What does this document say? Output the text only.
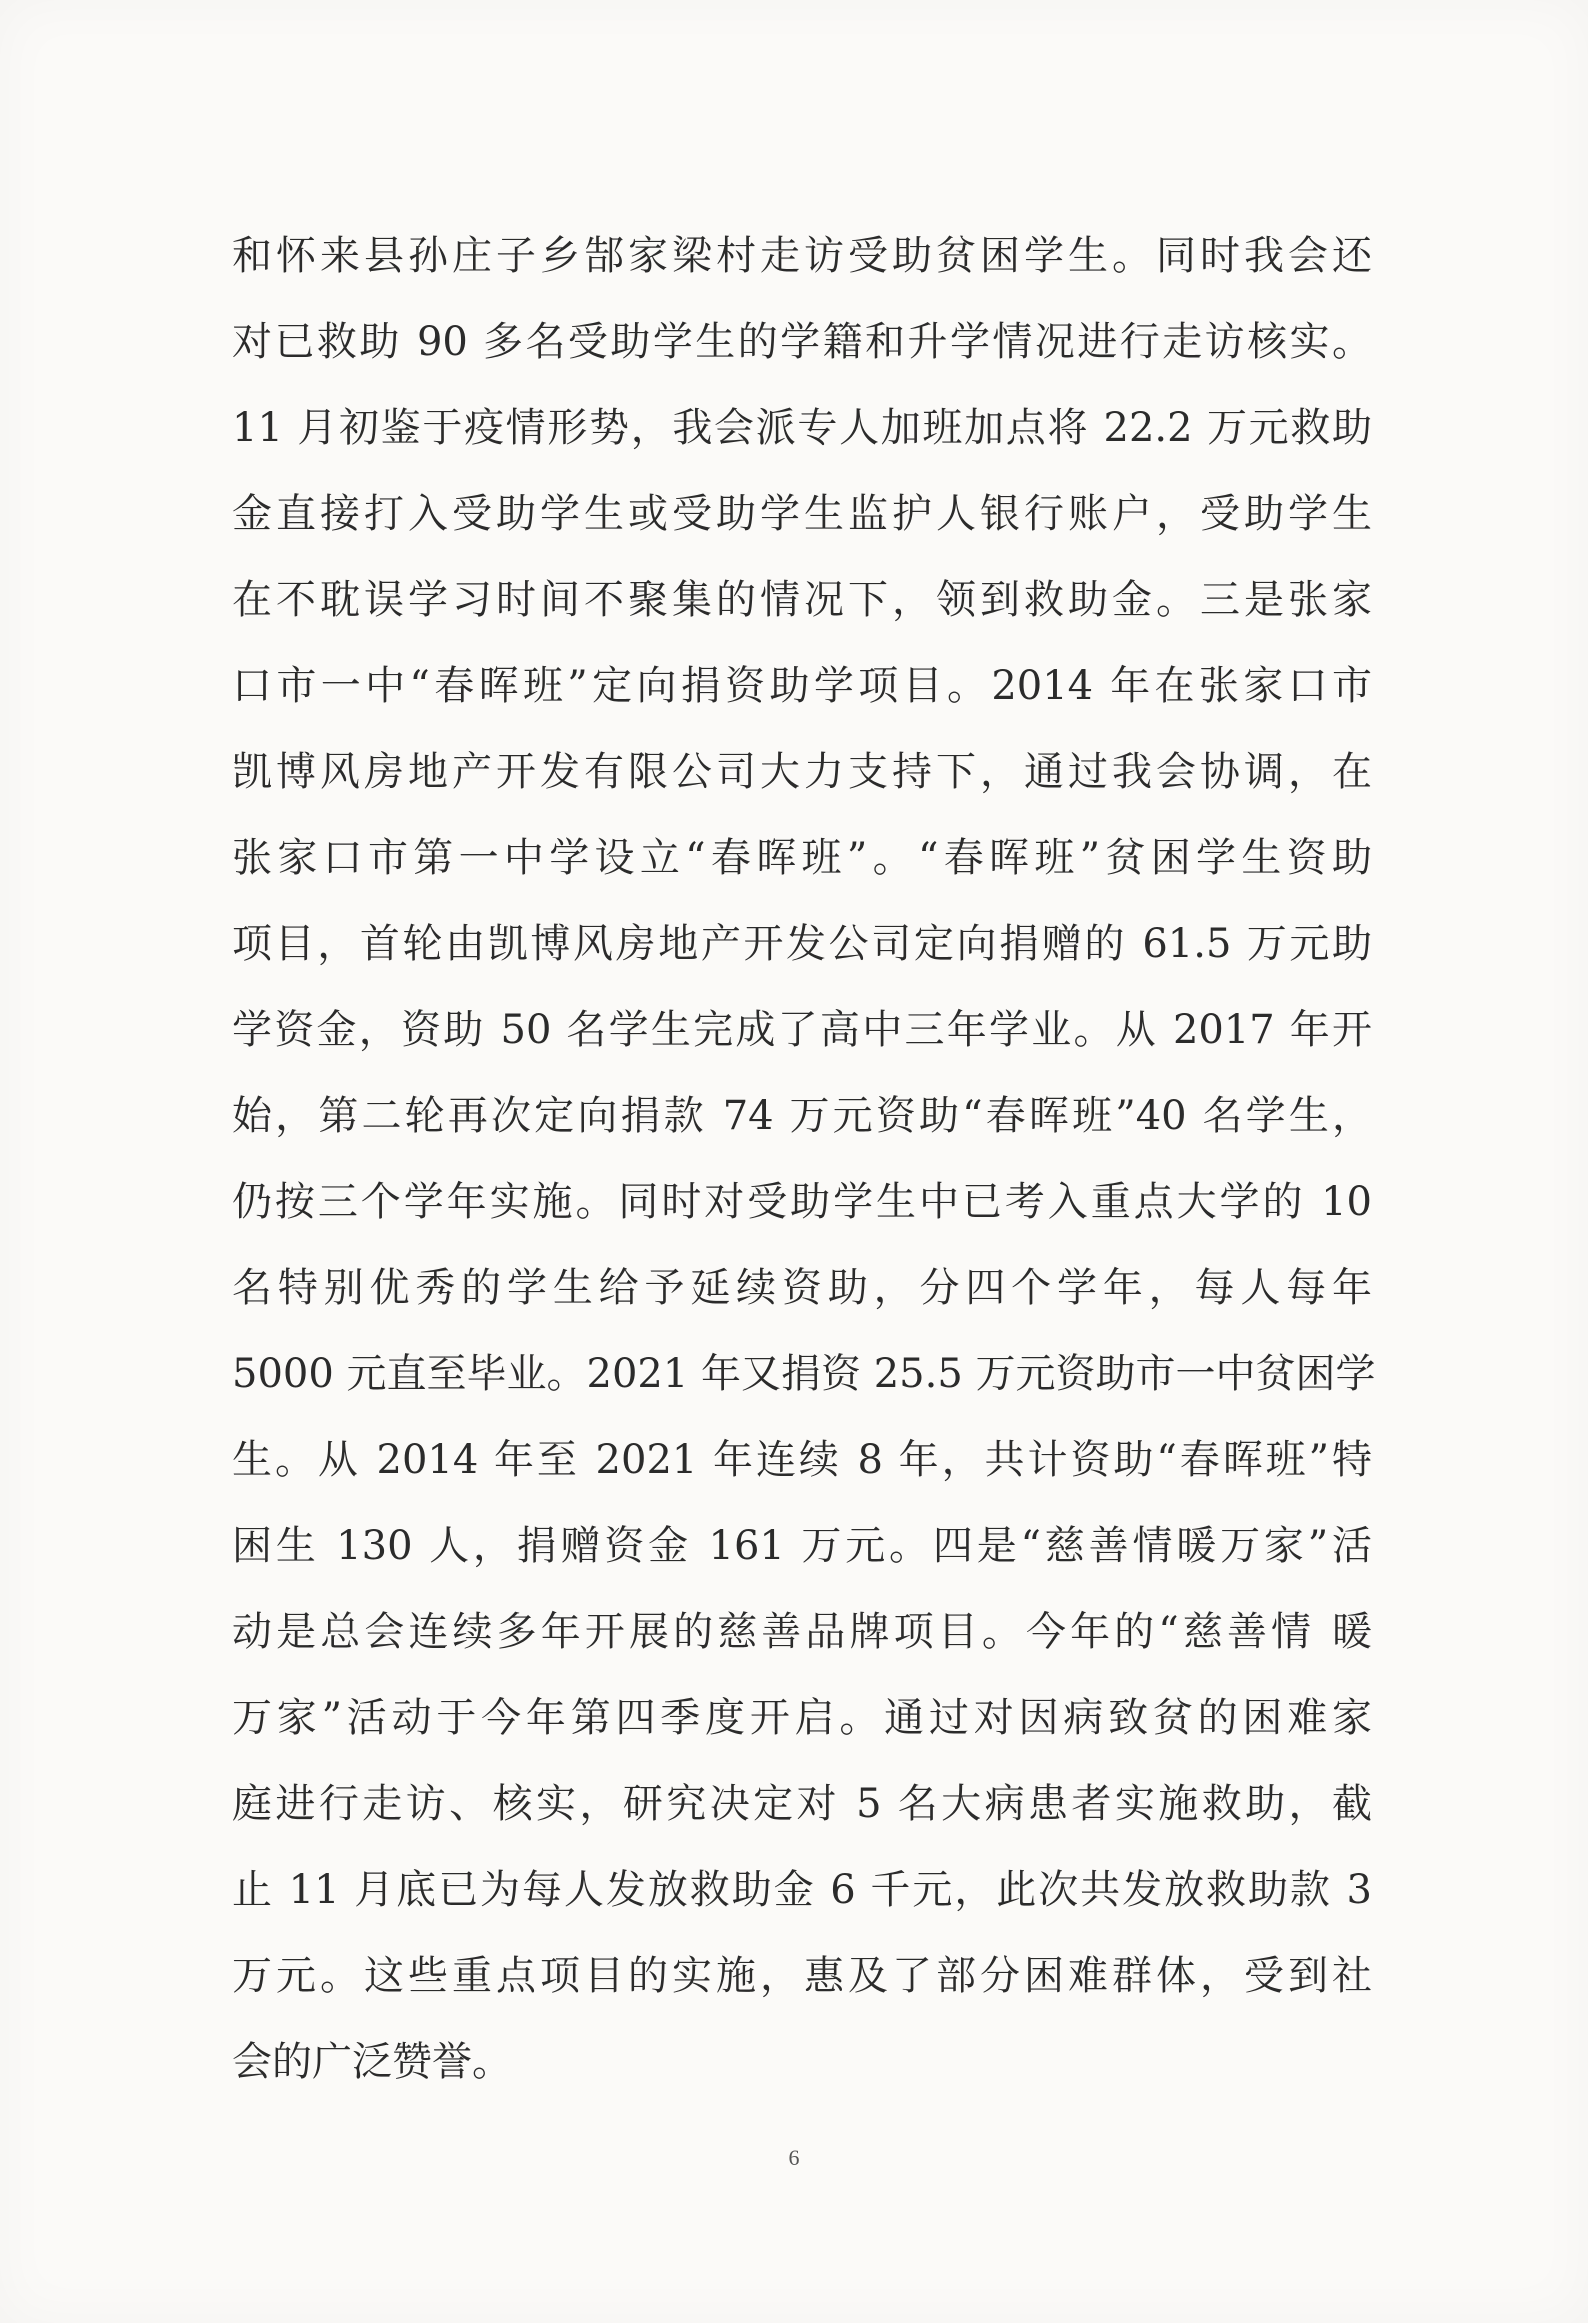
和怀来县孙庄子乡郜家梁村走访受助贫困学生。同时我会还
对已救助 90 多名受助学生的学籍和升学情况进行走访核实。
11 月初鉴于疫情形势，我会派专人加班加点将 22.2 万元救助
金直接打入受助学生或受助学生监护人银行账户，受助学生
在不耽误学习时间不聚集的情况下，领到救助金。三是张家
口市一中“春晖班”定向捐资助学项目。2014 年在张家口市
凯博风房地产开发有限公司大力支持下，通过我会协调，在
张家口市第一中学设立“春晖班”。“春晖班”贫困学生资助
项目，首轮由凯博风房地产开发公司定向捐赠的 61.5 万元助
学资金，资助 50 名学生完成了高中三年学业。从 2017 年开
始，第二轮再次定向捐款 74 万元资助“春晖班”40 名学生，
仍按三个学年实施。同时对受助学生中已考入重点大学的 10
名特别优秀的学生给予延续资助，分四个学年，每人每年
5000 元直至毕业。2021 年又捐资 25.5 万元资助市一中贫困学
生。从 2014 年至 2021 年连续 8 年，共计资助“春晖班”特
困生 130 人，捐赠资金 161 万元。四是“慈善情暖万家”活
动是总会连续多年开展的慈善品牌项目。今年的“慈善情 暖
万家”活动于今年第四季度开启。通过对因病致贫的困难家
庭进行走访、核实，研究决定对 5 名大病患者实施救助，截
止 11 月底已为每人发放救助金 6 千元，此次共发放救助款 3
万元。这些重点项目的实施，惠及了部分困难群体，受到社
会的广泛赞誉。
6
